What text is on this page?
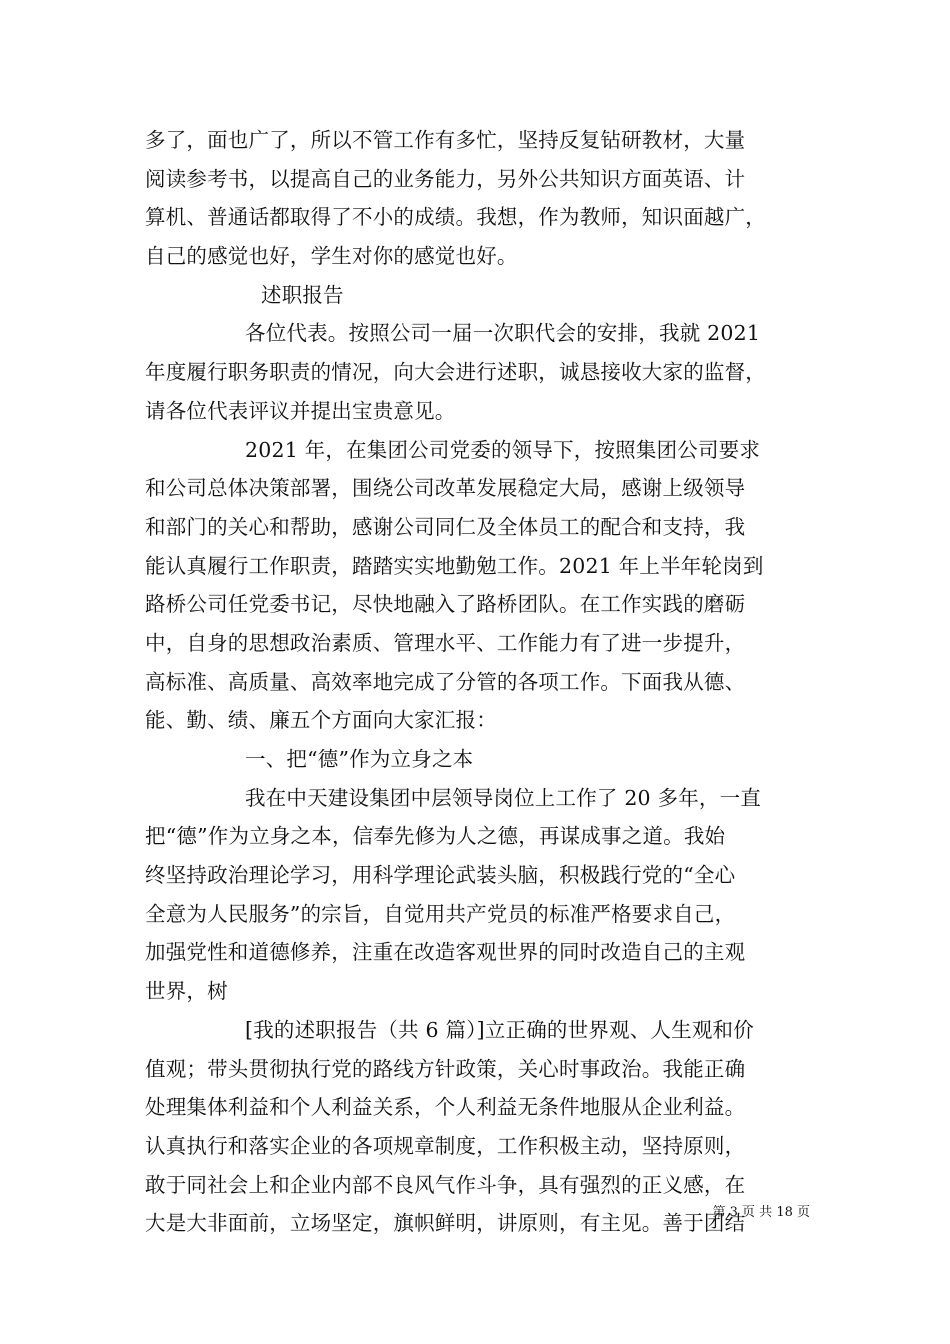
多了，面也广了，所以不管工作有多忙，坚持反复钻研教材，大量
阅读参考书，以提高自己的业务能力，另外公共知识方面英语、计
算机、普通话都取得了不小的成绩。我想，作为教师，知识面越广，
自己的感觉也好，学生对你的感觉也好。
述职报告
各位代表。按照公司一届一次职代会的安排，我就 2021
年度履行职务职责的情况，向大会进行述职，诚恳接收大家的监督，
请各位代表评议并提出宝贵意见。
2021 年，在集团公司党委的领导下，按照集团公司要求
和公司总体决策部署，围绕公司改革发展稳定大局，感谢上级领导
和部门的关心和帮助，感谢公司同仁及全体员工的配合和支持，我
能认真履行工作职责，踏踏实实地勤勉工作。2021 年上半年轮岗到
路桥公司任党委书记，尽快地融入了路桥团队。在工作实践的磨砺
中，自身的思想政治素质、管理水平、工作能力有了进一步提升，
高标准、高质量、高效率地完成了分管的各项工作。下面我从德、
能、勤、绩、廉五个方面向大家汇报：
一、把“德”作为立身之本
我在中天建设集团中层领导岗位上工作了 20 多年，一直
把“德”作为立身之本，信奉先修为人之德，再谋成事之道。我始
终坚持政治理论学习，用科学理论武装头脑，积极践行党的“全心
全意为人民服务”的宗旨，自觉用共产党员的标准严格要求自己，
加强党性和道德修养，注重在改造客观世界的同时改造自己的主观
世界，树
[我的述职报告（共 6 篇）]立正确的世界观、人生观和价
值观；带头贯彻执行党的路线方针政策，关心时事政治。我能正确
处理集体利益和个人利益关系，个人利益无条件地服从企业利益。
认真执行和落实企业的各项规章制度，工作积极主动，坚持原则，
敢于同社会上和企业内部不良风气作斗争，具有强烈的正义感，在
大是大非面前，立场坚定，旗帜鲜明，讲原则，有主见。善于团结
第 3 页 共 18 页
